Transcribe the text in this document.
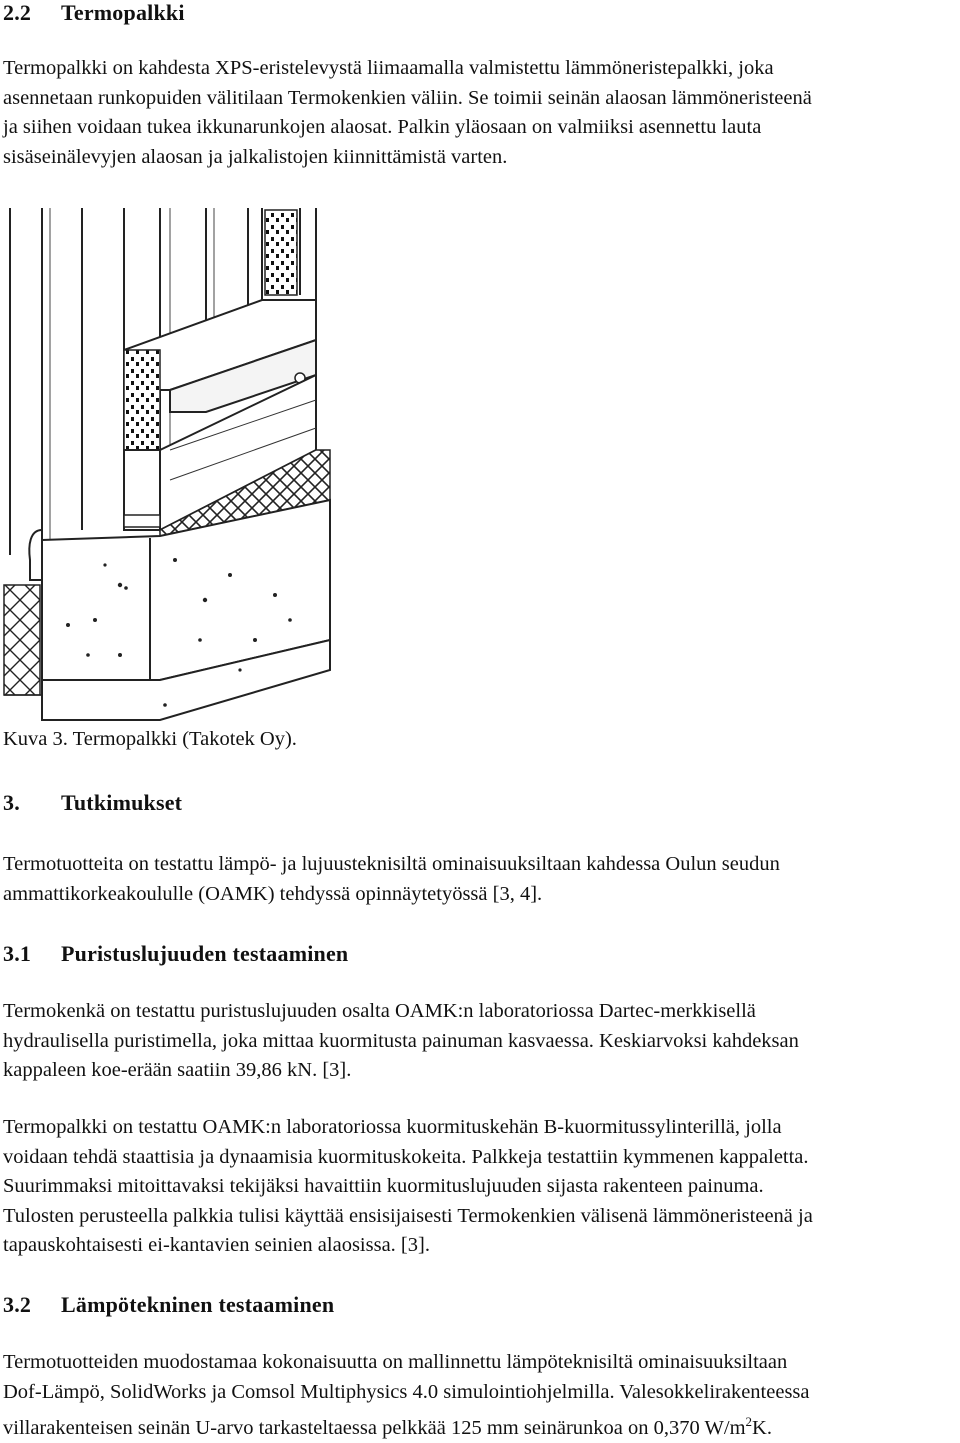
2.2 Termopalkki
Termopalkki on kahdesta XPS-eristelevystä liimaamalla valmistettu lämmöneristepalkki, joka
asennetaan runkopuiden välitilaan Termokenkien väliin. Se toimii seinän alaosan lämmöneristeenä
ja siihen voidaan tukea ikkunarunkojen alaosat. Palkin yläosaan on valmiiksi asennettu lauta
sisäseinälevyjen alaosan ja jalkalistojen kiinnittämistä varten.
Kuva 3. Termopalkki (Takotek Oy).
3. Tutkimukset
Termotuotteita on testattu lämpö- ja lujuusteknisiltä ominaisuuksiltaan kahdessa Oulun seudun
ammattikorkeakoululle (OAMK) tehdyssä opinnäytetyössä [3, 4].
3.1 Puristuslujuuden testaaminen
Termokenkä on testattu puristuslujuuden osalta OAMK:n laboratoriossa Dartec-merkkisellä
hydraulisella puristimella, joka mittaa kuormitusta painuman kasvaessa. Keskiarvoksi kahdeksan
kappaleen koe-erään saatiin 39,86 kN. [3].
Termopalkki on testattu OAMK:n laboratoriossa kuormituskehän B-kuormitussylinterillä, jolla
voidaan tehdä staattisia ja dynaamisia kuormituskokeita. Palkkeja testattiin kymmenen kappaletta.
Suurimmaksi mitoittavaksi tekijäksi havaittiin kuormituslujuuden sijasta rakenteen painuma.
Tulosten perusteella palkkia tulisi käyttää ensisijaisesti Termokenkien välisenä lämmöneristeenä ja
tapauskohtaisesti ei-kantavien seinien alaosissa. [3].
3.2 Lämpötekninen testaaminen
Termotuotteiden muodostamaa kokonaisuutta on mallinnettu lämpöteknisiltä ominaisuuksiltaan
Dof-Lämpö, SolidWorks ja Comsol Multiphysics 4.0 simulointiohjelmilla. Valesokkelirakenteessa
villarakenteisen seinän U-arvo tarkasteltaessa pelkkää 125 mm seinärunkoa on 0,370 $W/m^2K$.
